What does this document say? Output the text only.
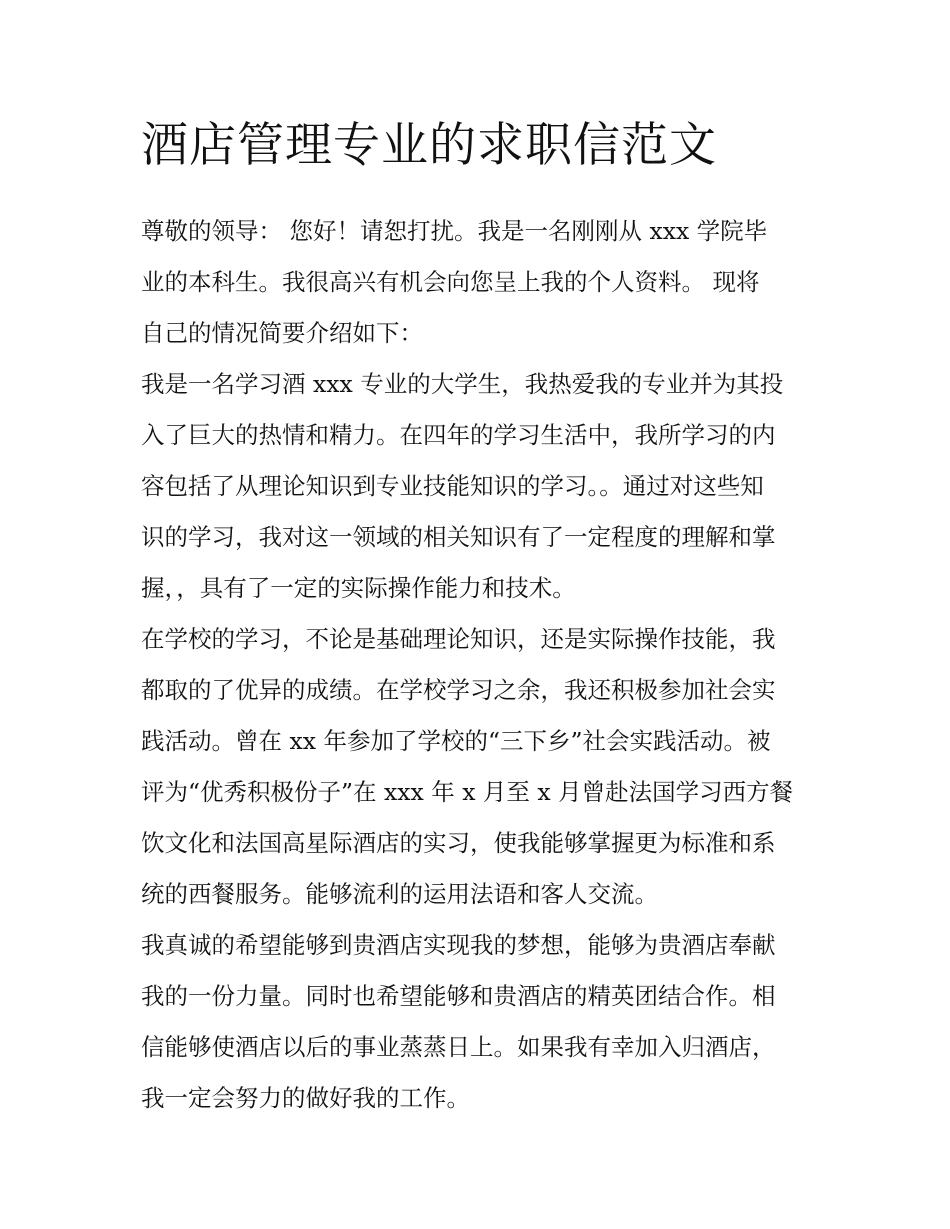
酒店管理专业的求职信范文

尊敬的领导： 您好！请恕打扰。我是一名刚刚从 xxx 学院毕
业的本科生。我很高兴有机会向您呈上我的个人资料。 现将
自己的情况简要介绍如下：

我是一名学习酒 xxx 专业的大学生，我热爱我的专业并为其投
入了巨大的热情和精力。在四年的学习生活中，我所学习的内
容包括了从理论知识到专业技能知识的学习。。通过对这些知
识的学习，我对这一领域的相关知识有了一定程度的理解和掌
握，，具有了一定的实际操作能力和技术。

在学校的学习，不论是基础理论知识，还是实际操作技能，我
都取的了优异的成绩。在学校学习之余，我还积极参加社会实
践活动。曾在 xx 年参加了学校的“三下乡”社会实践活动。被
评为“优秀积极份子”在 xxx 年 x 月至 x 月曾赴法国学习西方餐
饮文化和法国高星际酒店的实习，使我能够掌握更为标准和系
统的西餐服务。能够流利的运用法语和客人交流。

我真诚的希望能够到贵酒店实现我的梦想，能够为贵酒店奉献
我的一份力量。同时也希望能够和贵酒店的精英团结合作。相
信能够使酒店以后的事业蒸蒸日上。如果我有幸加入归酒店，
我一定会努力的做好我的工作。
